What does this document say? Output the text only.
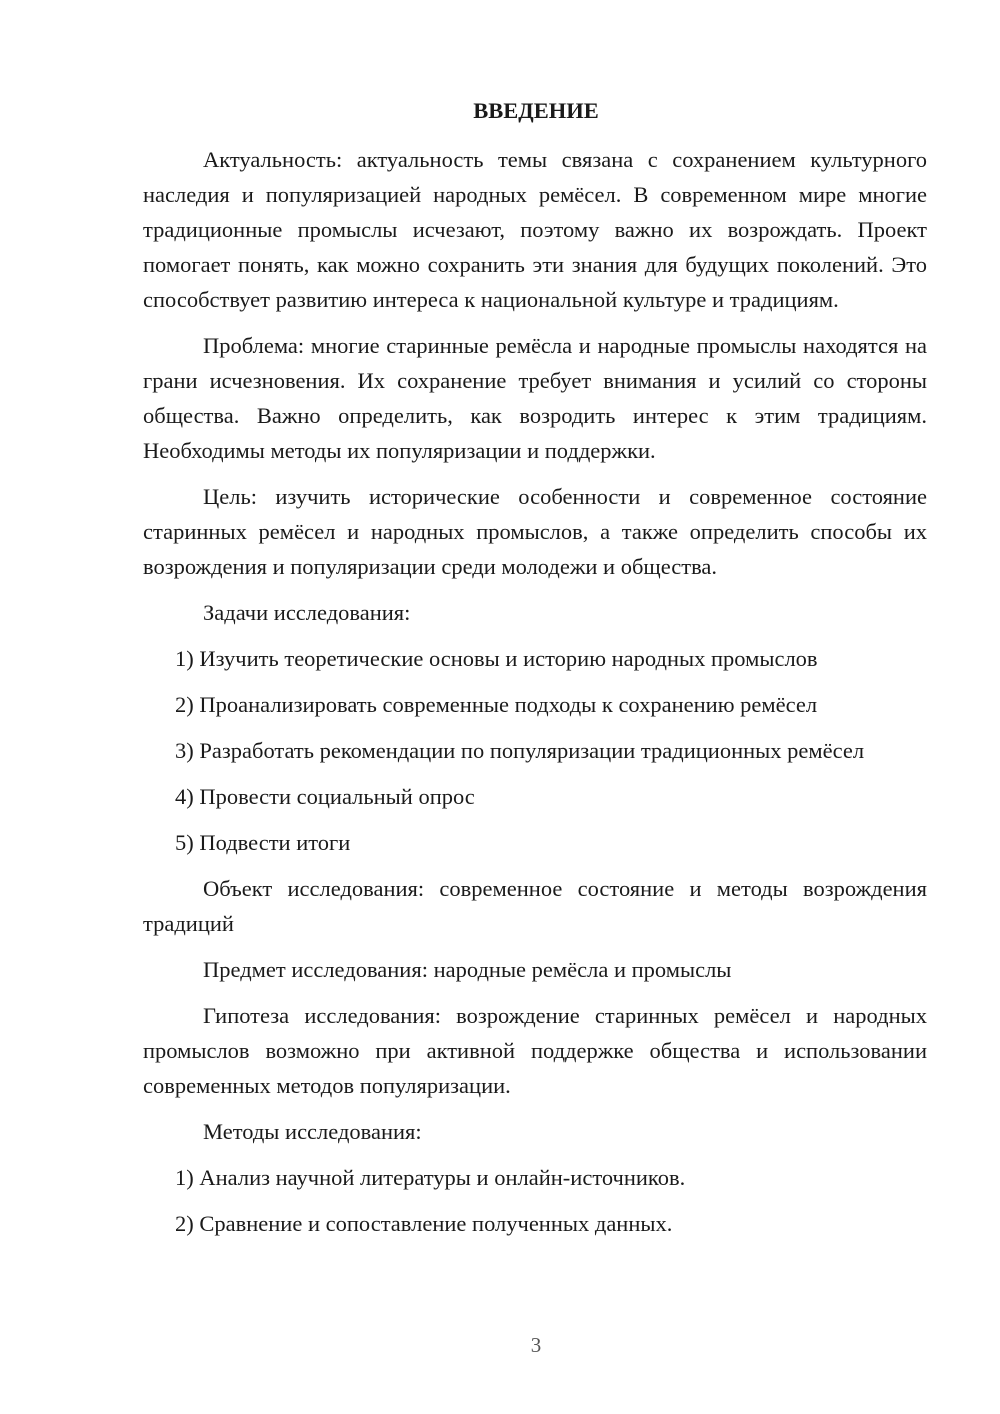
ВВЕДЕНИЕ

Актуальность: актуальность темы связана с сохранением культурного наследия и популяризацией народных ремёсел. В современном мире многие традиционные промыслы исчезают, поэтому важно их возрождать. Проект помогает понять, как можно сохранить эти знания для будущих поколений. Это способствует развитию интереса к национальной культуре и традициям.

Проблема: многие старинные ремёсла и народные промыслы находятся на грани исчезновения. Их сохранение требует внимания и усилий со стороны общества. Важно определить, как возродить интерес к этим традициям. Необходимы методы их популяризации и поддержки.

Цель: изучить исторические особенности и современное состояние старинных ремёсел и народных промыслов, а также определить способы их возрождения и популяризации среди молодежи и общества.

Задачи исследования:

1) Изучить теоретические основы и историю народных промыслов

2) Проанализировать современные подходы к сохранению ремёсел

3) Разработать рекомендации по популяризации традиционных ремёсел

4) Провести социальный опрос

5) Подвести итоги

Объект исследования: современное состояние и методы возрождения традиций

Предмет исследования: народные ремёсла и промыслы

Гипотеза исследования: возрождение старинных ремёсел и народных промыслов возможно при активной поддержке общества и использовании современных методов популяризации.

Методы исследования:

1) Анализ научной литературы и онлайн-источников.

2) Сравнение и сопоставление полученных данных.

3
